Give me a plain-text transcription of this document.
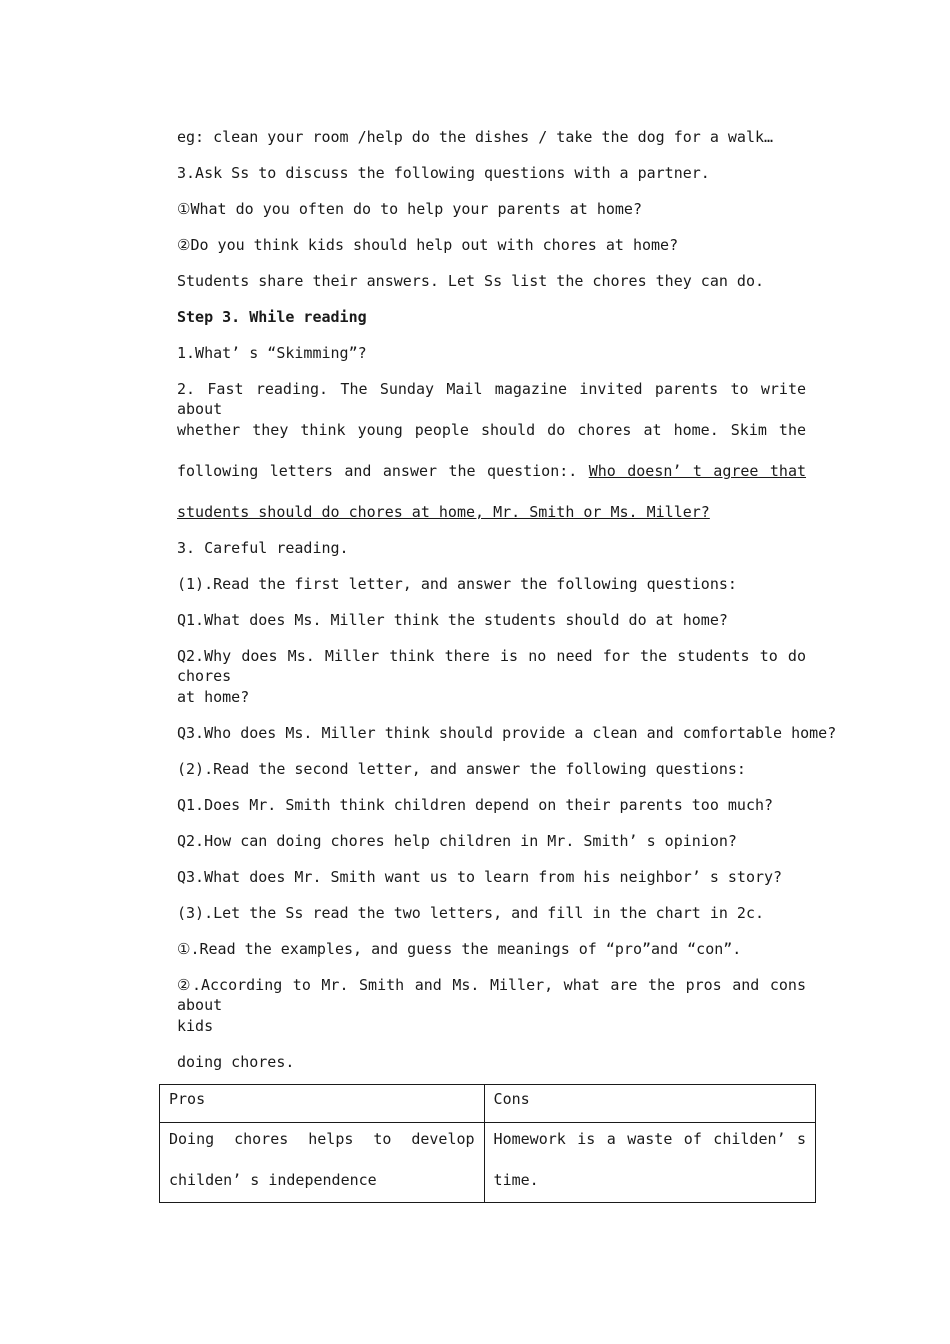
eg: clean your room /help do the dishes / take the dog for a walk…
3.Ask Ss to discuss the following questions with a partner.
①What do you often do to help your parents at home?
②Do you think kids should help out with chores at home?
Students share their answers. Let Ss list the chores they can do.
Step 3. While reading
1.What’ s “Skimming”?
2. Fast reading. The Sunday Mail magazine invited parents to write about
whether they think young people should do chores at home. Skim the
following letters and answer the question:. Who doesn’ t agree that
students should do chores at home, Mr. Smith or Ms. Miller?
3. Careful reading.
(1).Read the first letter, and answer the following questions:
Q1.What does Ms. Miller think the students should do at home?
Q2.Why does Ms. Miller think there is no need for the students to do chores
at home?
Q3.Who does Ms. Miller think should provide a clean and comfortable home?
(2).Read the second letter, and answer the following questions:
Q1.Does Mr. Smith think children depend on their parents too much?
Q2.How can doing chores help children in Mr. Smith’ s opinion?
Q3.What does Mr. Smith want us to learn from his neighbor’ s story?
(3).Let the Ss read the two letters, and fill in the chart in 2c.
①.Read the examples, and guess the meanings of “pro”and “con”.
②.According to Mr. Smith and Ms. Miller, what are the pros and cons about
kids
doing chores.
Pros	Cons

Doing chores helps to develop
childen’ s independence	Homework is a waste of childen’ s
time.
